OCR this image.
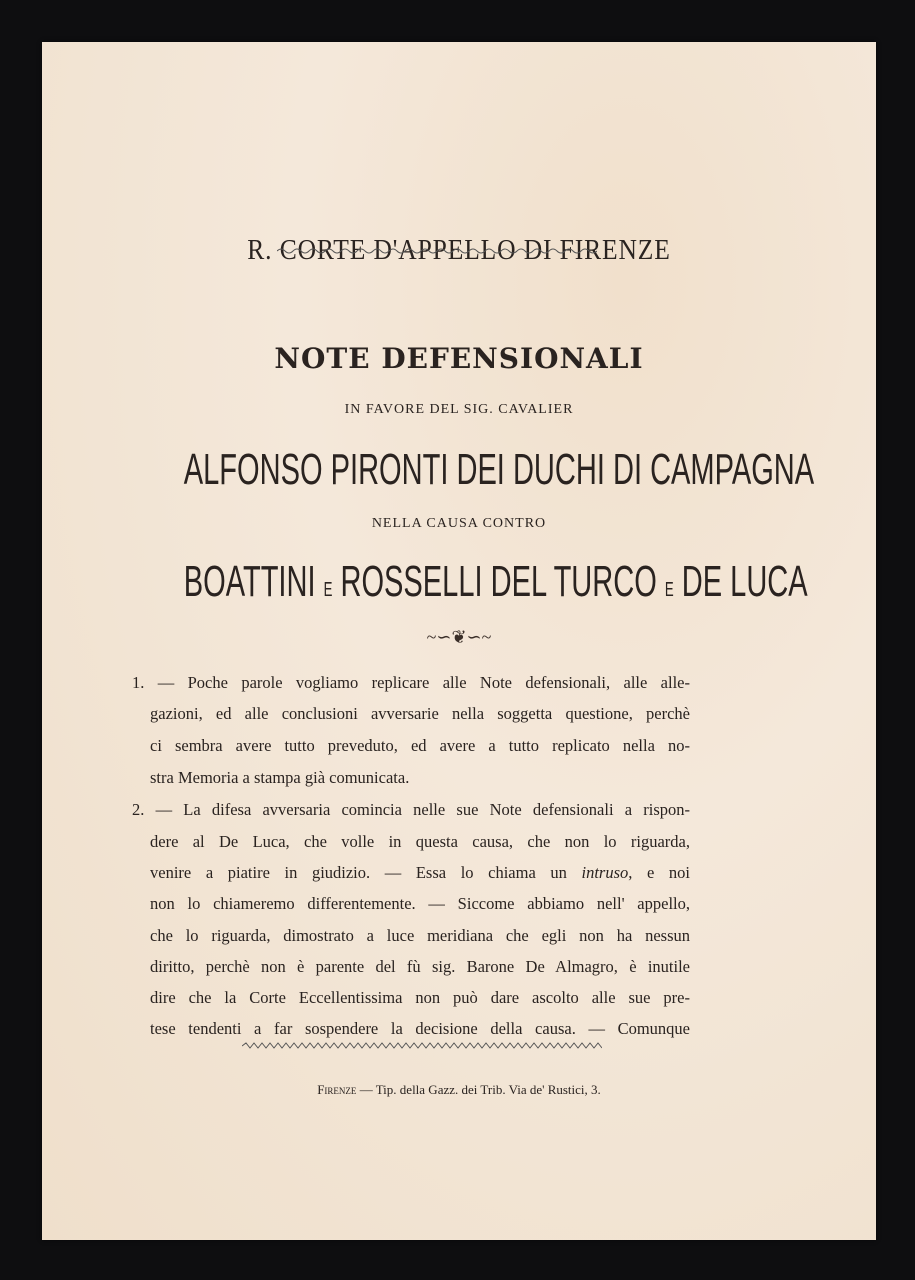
R. CORTE D'APPELLO DI FIRENZE
NOTE DEFENSIONALI
IN FAVORE DEL SIG. CAVALIER
ALFONSO PIRONTI DEI DUCHI DI CAMPAGNA
NELLA CAUSA CONTRO
BOATTINI E ROSSELLI DEL TURCO E DE LUCA
~∽❦∽~
1. — Poche parole vogliamo replicare alle Note defensionali, alle alle-
gazioni, ed alle conclusioni avversarie nella soggetta questione, perchè
ci sembra avere tutto preveduto, ed avere a tutto replicato nella no-
stra Memoria a stampa già comunicata.
2. — La difesa avversaria comincia nelle sue Note defensionali a rispon-
dere al De Luca, che volle in questa causa, che non lo riguarda,
venire a piatire in giudizio. — Essa lo chiama un intruso, e noi
non lo chiameremo differentemente. — Siccome abbiamo nell' appello,
che lo riguarda, dimostrato a luce meridiana che egli non ha nessun
diritto, perchè non è parente del fù sig. Barone De Almagro, è inutile
dire che la Corte Eccellentissima non può dare ascolto alle sue pre-
tese tendenti a far sospendere la decisione della causa. — Comunque
Firenze — Tip. della Gazz. dei Trib. Via de' Rustici, 3.
